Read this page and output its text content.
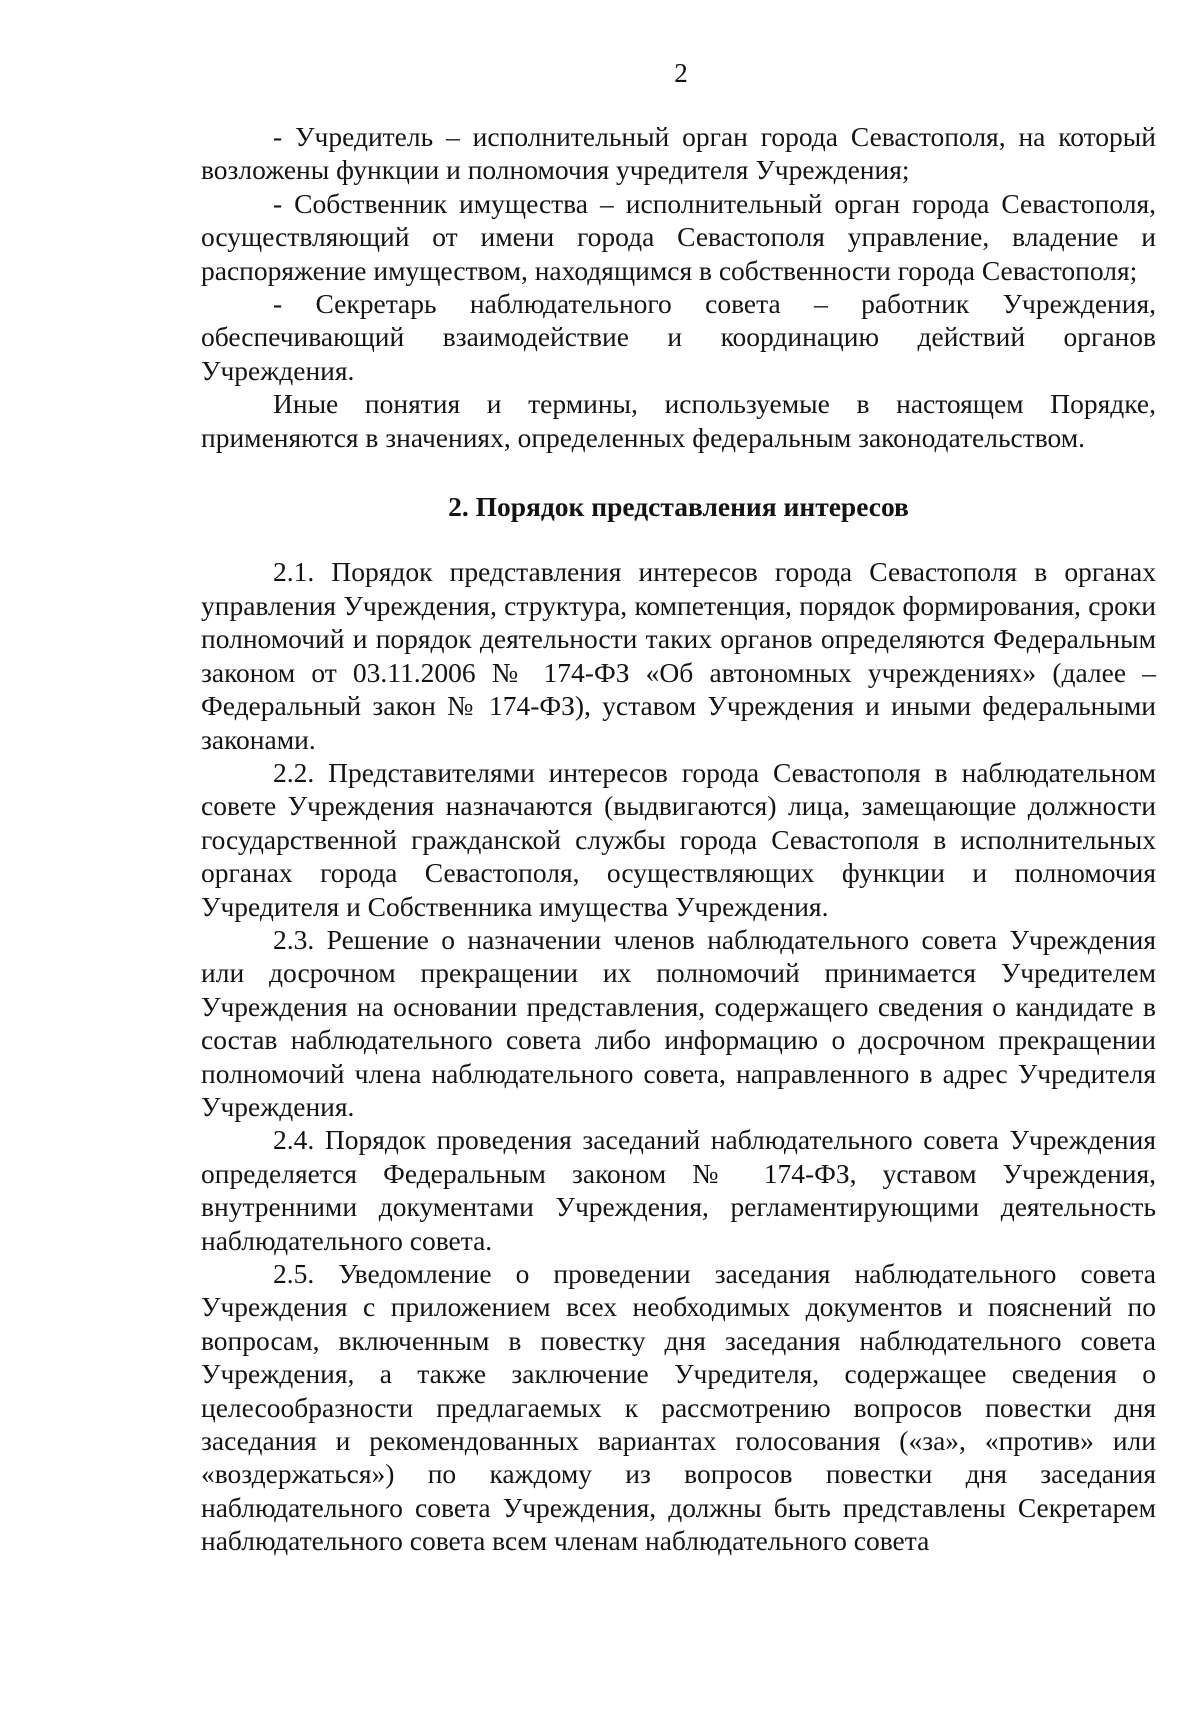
2

- Учредитель – исполнительный орган города Севастополя, на который возложены функции и полномочия учредителя Учреждения;

- Собственник имущества – исполнительный орган города Севастополя, осуществляющий от имени города Севастополя управление, владение и распоряжение имуществом, находящимся в собственности города Севастополя;

- Секретарь наблюдательного совета – работник Учреждения, обеспечивающий взаимодействие и координацию действий органов Учреждения.

Иные понятия и термины, используемые в настоящем Порядке, применяются в значениях, определенных федеральным законодательством.

2. Порядок представления интересов

2.1. Порядок представления интересов города Севастополя в органах управления Учреждения, структура, компетенция, порядок формирования, сроки полномочий и порядок деятельности таких органов определяются Федеральным законом от 03.11.2006 № 174-ФЗ «Об автономных учреждениях» (далее – Федеральный закон № 174-ФЗ), уставом Учреждения и иными федеральными законами.

2.2. Представителями интересов города Севастополя в наблюдательном совете Учреждения назначаются (выдвигаются) лица, замещающие должности государственной гражданской службы города Севастополя в исполнительных органах города Севастополя, осуществляющих функции и полномочия Учредителя и Собственника имущества Учреждения.

2.3. Решение о назначении членов наблюдательного совета Учреждения или досрочном прекращении их полномочий принимается Учредителем Учреждения на основании представления, содержащего сведения о кандидате в состав наблюдательного совета либо информацию о досрочном прекращении полномочий члена наблюдательного совета, направленного в адрес Учредителя Учреждения.

2.4. Порядок проведения заседаний наблюдательного совета Учреждения определяется Федеральным законом № 174-ФЗ, уставом Учреждения, внутренними документами Учреждения, регламентирующими деятельность наблюдательного совета.

2.5. Уведомление о проведении заседания наблюдательного совета Учреждения с приложением всех необходимых документов и пояснений по вопросам, включенным в повестку дня заседания наблюдательного совета Учреждения, а также заключение Учредителя, содержащее сведения о целесообразности предлагаемых к рассмотрению вопросов повестки дня заседания и рекомендованных вариантах голосования («за», «против» или «воздержаться») по каждому из вопросов повестки дня заседания наблюдательного совета Учреждения, должны быть представлены Секретарем наблюдательного совета всем членам наблюдательного совета
